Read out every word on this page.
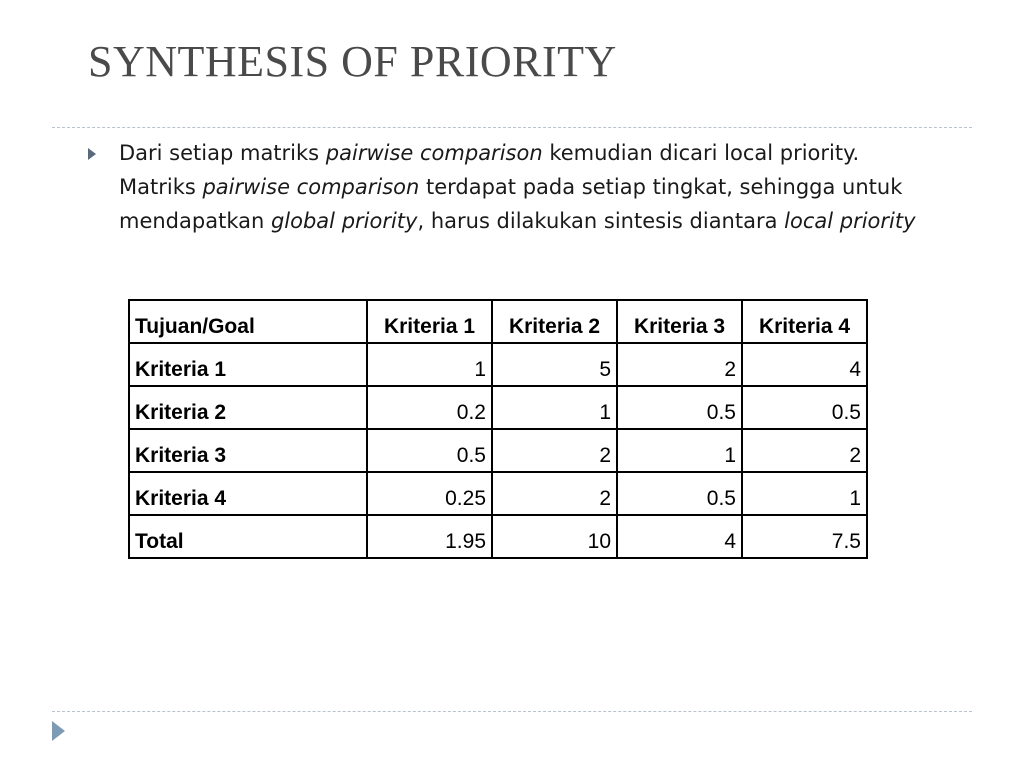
SYNTHESIS OF PRIORITY

Dari setiap matriks pairwise comparison kemudian dicari local priority. Matriks pairwise comparison terdapat pada setiap tingkat, sehingga untuk mendapatkan global priority, harus dilakukan sintesis diantara local priority

Tujuan/Goal	Kriteria 1	Kriteria 2	Kriteria 3	Kriteria 4
Kriteria 1	1	5	2	4
Kriteria 2	0.2	1	0.5	0.5
Kriteria 3	0.5	2	1	2
Kriteria 4	0.25	2	0.5	1
Total	1.95	10	4	7.5
